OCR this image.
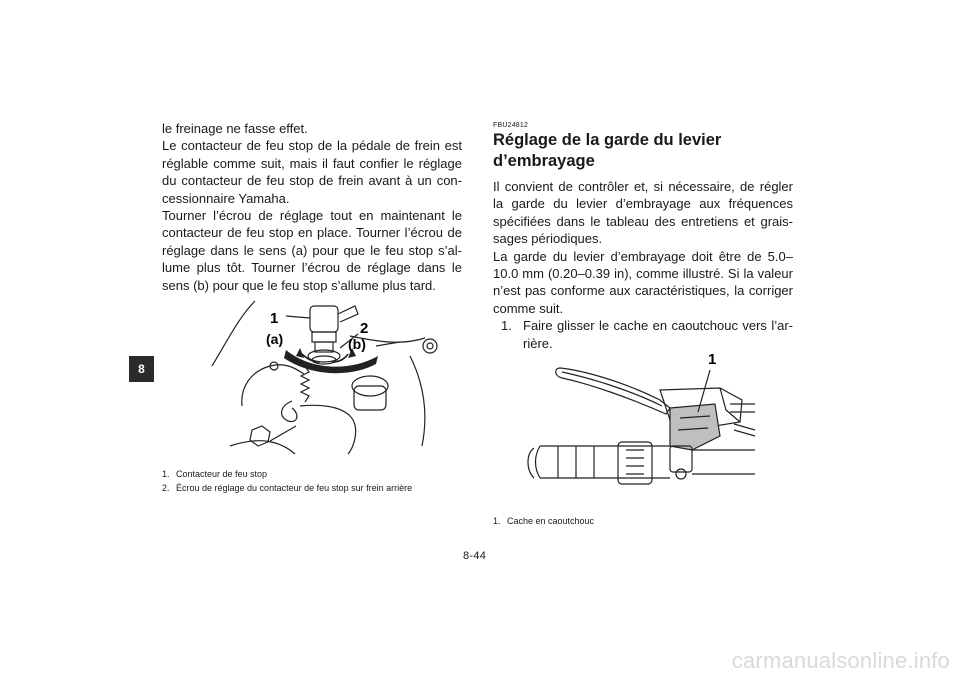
8

le freinage ne fasse effet.
Le contacteur de feu stop de la pédale de frein est réglable comme suit, mais il faut confier le réglage du contacteur de feu stop de frein avant à un con-cessionnaire Yamaha.
Tourner l’écrou de réglage tout en maintenant le contacteur de feu stop en place. Tourner l’écrou de réglage dans le sens (a) pour que le feu stop s’al-lume plus tôt. Tourner l’écrou de réglage dans le sens (b) pour que le feu stop s’allume plus tard.

1
2
(a)	(b)
1. Contacteur de feu stop
2. Écrou de réglage du contacteur de feu stop sur frein arrière
FBU24812
Réglage de la garde du levier d’embrayage

Il convient de contrôler et, si nécessaire, de régler la garde du levier d’embrayage aux fréquences spécifiées dans le tableau des entretiens et grais-sages périodiques.
La garde du levier d’embrayage doit être de 5.0–10.0 mm (0.20–0.39 in), comme illustré. Si la valeur n’est pas conforme aux caractéristiques, la corriger comme suit.

1. Faire glisser le cache en caoutchouc vers l’ar-rière.
1
1. Cache en caoutchouc
8-44
carmanualsonline.info
